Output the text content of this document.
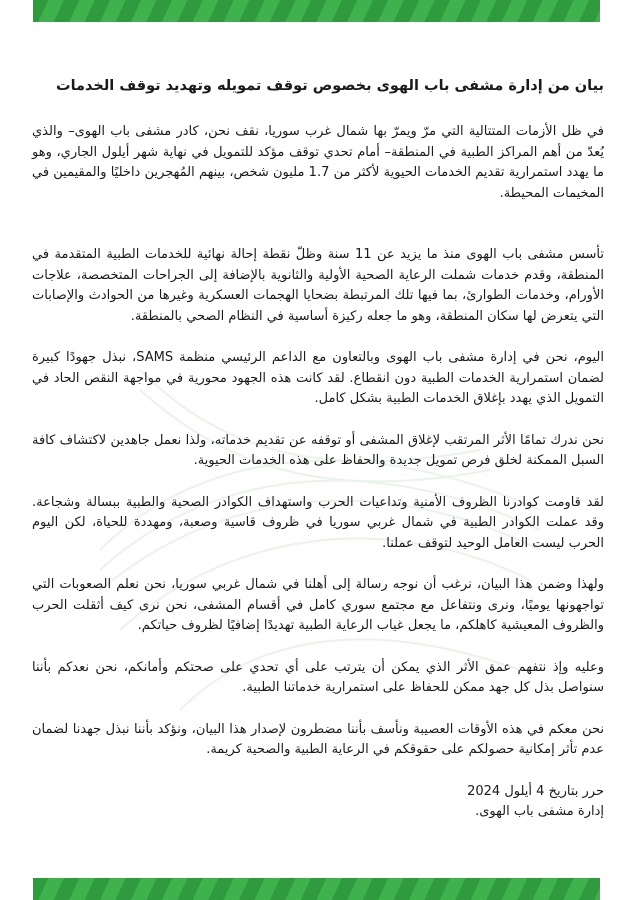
بيان من إدارة مشفى باب الهوى بخصوص توقف تمويله وتهديد توقف الخدمات

في ظل الأزمات المتتالية التي مرّ ويمرّ بها شمال غرب سوريا، نقف نحن، كادر مشفى باب الهوى– والذي يُعدّ من أهم المراكز الطبية في المنطقة– أمام تحدي توقف مؤكد للتمويل في نهاية شهر أيلول الجاري، وهو ما يهدد استمرارية تقديم الخدمات الحيوية لأكثر من 1.7 مليون شخص، بينهم المُهجرين داخليًا والمقيمين في المخيمات المحيطة.

تأسس مشفى باب الهوى منذ ما يزيد عن 11 سنة وظلّ نقطة إحالة نهائية للخدمات الطبية المتقدمة في المنطقة، وقدم خدمات شملت الرعاية الصحية الأولية والثانوية بالإضافة إلى الجراحات المتخصصة، علاجات الأورام، وخدمات الطوارئ، بما فيها تلك المرتبطة بضحايا الهجمات العسكرية وغيرها من الحوادث والإصابات التي يتعرض لها سكان المنطقة، وهو ما جعله ركيزة أساسية في النظام الصحي بالمنطقة.

اليوم، نحن في إدارة مشفى باب الهوى وبالتعاون مع الداعم الرئيسي منظمة SAMS، نبذل جهودًا كبيرة لضمان استمرارية الخدمات الطبية دون انقطاع. لقد كانت هذه الجهود محورية في مواجهة النقص الحاد في التمويل الذي يهدد بإغلاق الخدمات الطبية بشكل كامل.

نحن ندرك تمامًا الأثر المرتقب لإغلاق المشفى أو توقفه عن تقديم خدماته، ولذا نعمل جاهدين لاكتشاف كافة السبل الممكنة لخلق فرص تمويل جديدة والحفاظ على هذه الخدمات الحيوية.

لقد قاومت كوادرنا الظروف الأمنية وتداعيات الحرب واستهداف الكوادر الصحية والطبية ببسالة وشجاعة. وقد عملت الكوادر الطبية في شمال غربي سوريا في ظروف قاسية وصعبة، ومهددة للحياة، لكن اليوم الحرب ليست العامل الوحيد لتوقف عملنا.

ولهذا وضمن هذا البيان، نرغب أن نوجه رسالة إلى أهلنا في شمال غربي سوريا، نحن نعلم الصعوبات التي تواجهونها يوميًا، ونرى ونتفاعل مع مجتمع سوري كامل في أقسام المشفى، نحن نرى كيف أثقلت الحرب والظروف المعيشية كاهلكم، ما يجعل غياب الرعاية الطبية تهديدًا إضافيًا لظروف حياتكم.

وعليه وإذ نتفهم عمق الأثر الذي يمكن أن يترتب على أي تحدي على صحتكم وأمانكم، نحن نعدكم بأننا سنواصل بذل كل جهد ممكن للحفاظ على استمرارية خدماتنا الطبية.

نحن معكم في هذه الأوقات العصيبة ونأسف بأننا مضطرون لإصدار هذا البيان، ونؤكد بأننا نبذل جهدنا لضمان عدم تأثر إمكانية حصولكم على حقوقكم في الرعاية الطبية والصحية كريمة.

حرر بتاريخ 4 أيلول 2024
إدارة مشفى باب الهوى.
